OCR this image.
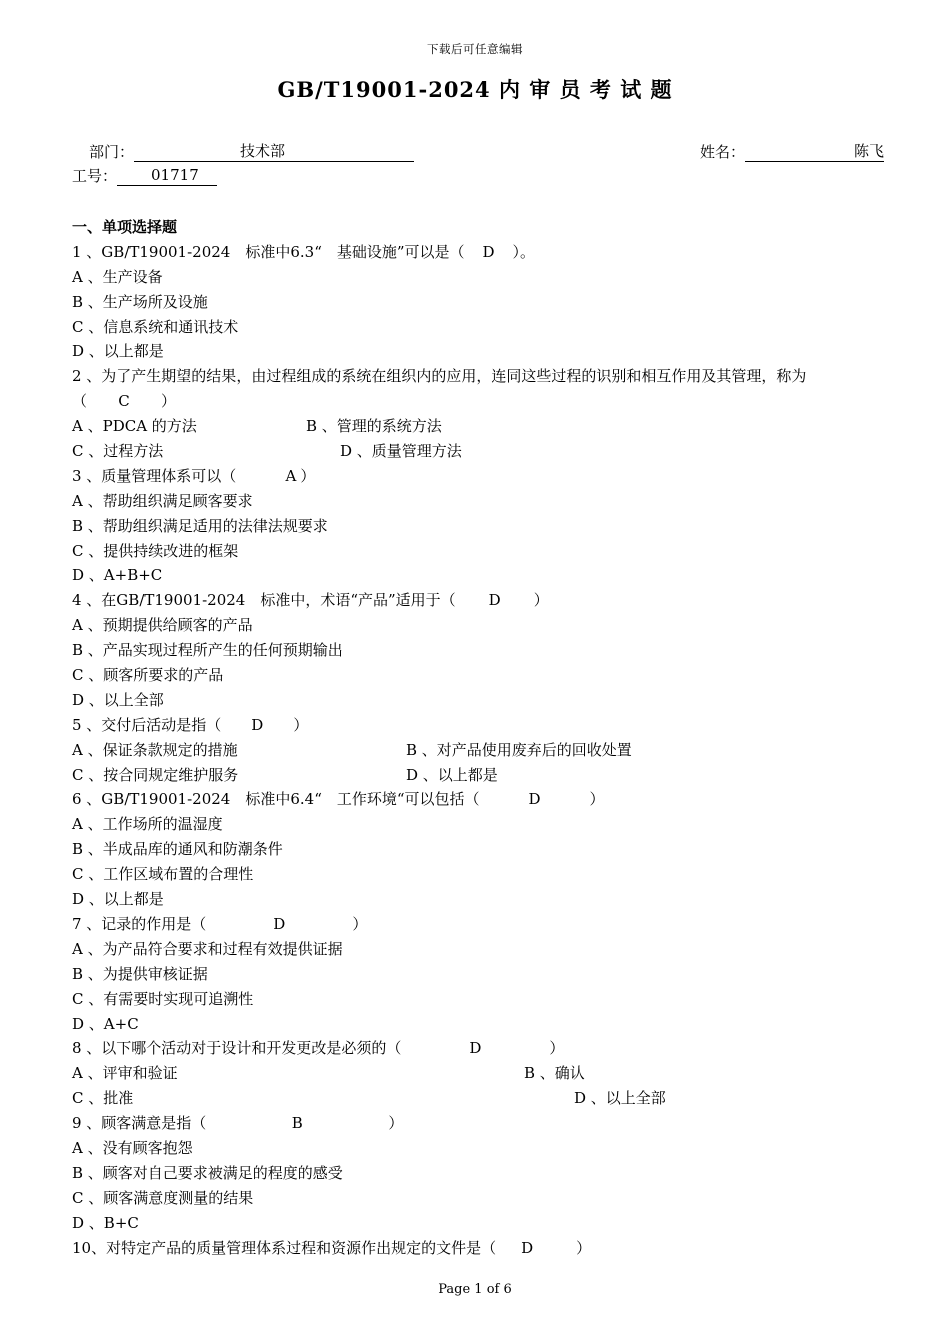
下载后可任意编辑
GB/T19001-2024 内 审 员 考 试 题
部门：	技术部	姓名：	陈飞
工号： 01717
一、单项选择题
1 、GB/T19001-2024　标准中6.3“　基础设施”可以是（ D ）。
A 、生产设备
B 、生产场所及设施
C 、信息系统和通讯技术
D 、以上都是
2 、为了产生期望的结果，由过程组成的系统在组织内的应用，连同这些过程的识别和相互作用及其管理，称为
（ C ）
A 、PDCA 的方法	B 、管理的系统方法
C 、过程方法	D 、质量管理方法
3 、质量管理体系可以（	A ）
A 、帮助组织满足顾客要求
B 、帮助组织满足适用的法律法规要求
C 、提供持续改进的框架
D 、A+B+C
4 、在GB/T19001-2024　标准中，术语“产品”适用于（ D ）
A 、预期提供给顾客的产品
B 、产品实现过程所产生的任何预期输出
C 、顾客所要求的产品
D 、以上全部
5 、交付后活动是指（ D ）
A 、保证条款规定的措施	B 、对产品使用废弃后的回收处置
C 、按合同规定维护服务	D 、以上都是
6 、GB/T19001-2024　标准中6.4“　工作环境“可以包括（	D	）
A 、工作场所的温湿度
B 、半成品库的通风和防潮条件
C 、工作区域布置的合理性
D 、以上都是
7 、记录的作用是（	D	）
A 、为产品符合要求和过程有效提供证据
B 、为提供审核证据
C 、有需要时实现可追溯性
D 、A+C
8 、以下哪个活动对于设计和开发更改是必须的（	D	）
A 、评审和验证	B 、确认
C 、批准	D 、以上全部
9 、顾客满意是指（	B	）
A 、没有顾客抱怨
B 、顾客对自己要求被满足的程度的感受
C 、顾客满意度测量的结果
D 、B+C
10、对特定产品的质量管理体系过程和资源作出规定的文件是（ D	）
Page 1 of 6
